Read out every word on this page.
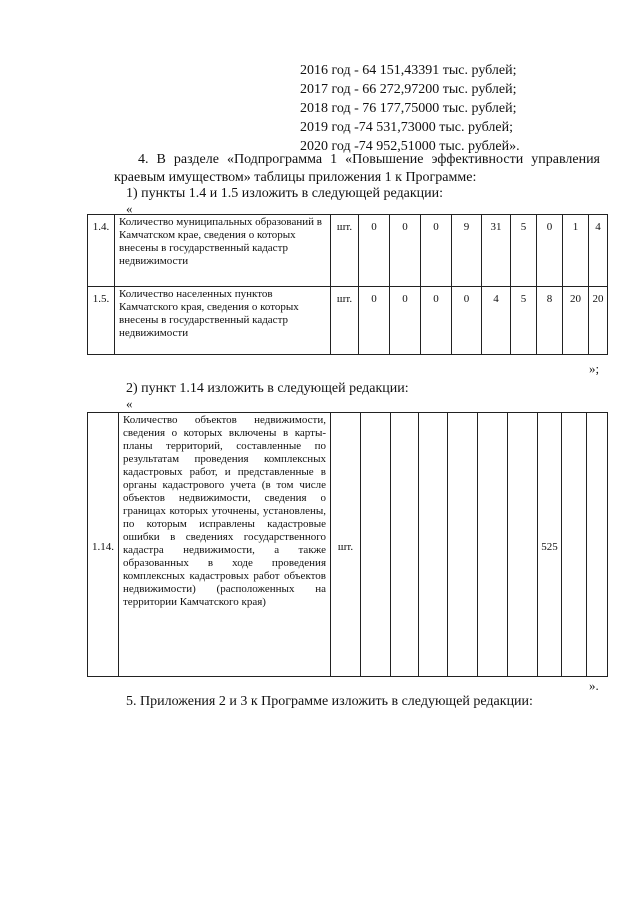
2016 год - 64 151,43391 тыс. рублей;
2017 год - 66 272,97200 тыс. рублей;
2018 год - 76 177,75000 тыс. рублей;
2019 год -74 531,73000 тыс. рублей;
2020 год -74 952,51000 тыс. рублей».
4. В разделе «Подпрограмма 1 «Повышение эффективности управления
краевым имуществом» таблицы приложения 1 к Программе:
1) пункты 1.4 и 1.5 изложить в следующей редакции:
«
1.4.	Количество муниципальных образований в Камчатском крае, сведения о которых внесены в государственный кадастр недвижимости	шт.	0	0	0	9	31	5	0	1	4
1.5.	Количество населенных пунктов Камчатского края, сведения о которых внесены в государственный кадастр недвижимости	шт.	0	0	0	0	4	5	8	20	20
»;
2) пункт 1.14 изложить в следующей редакции:
«
1.14.	Количество объектов недвижимости, сведения о которых включены в карты-планы территорий, составленные по результатам проведения комплексных кадастровых работ, и представленные в органы кадастрового учета (в том числе объектов недвижимости, сведения о границах которых уточнены, установлены, по которым исправлены кадастровые ошибки в сведениях государственного кадастра недвижимости, а также образованных в ходе проведения комплексных кадастровых работ объектов недвижимости) (расположенных на территории Камчатского края)	шт.							525		
».
5. Приложения 2 и 3 к Программе изложить в следующей редакции:
